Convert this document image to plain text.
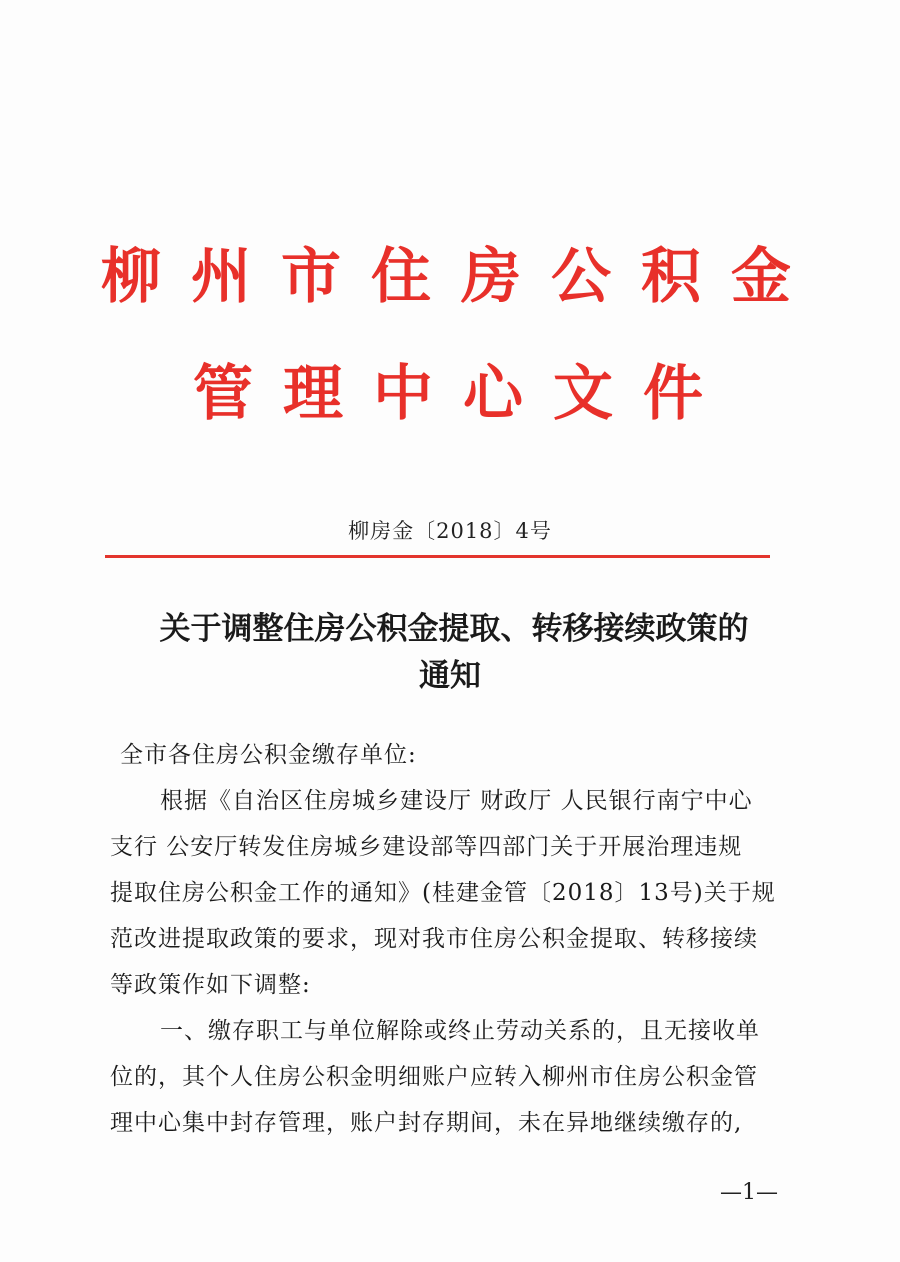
柳州市住房公积金
管理中心文件
柳房金〔2018〕4号
关于调整住房公积金提取、转移接续政策的
通知
全市各住房公积金缴存单位:
根据《自治区住房城乡建设厅 财政厅 人民银行南宁中心
支行 公安厅转发住房城乡建设部等四部门关于开展治理违规
提取住房公积金工作的通知》(桂建金管〔2018〕13号)关于规
范改进提取政策的要求，现对我市住房公积金提取、转移接续
等政策作如下调整:
一、缴存职工与单位解除或终止劳动关系的，且无接收单
位的，其个人住房公积金明细账户应转入柳州市住房公积金管
理中心集中封存管理，账户封存期间，未在异地继续缴存的,
—1—
